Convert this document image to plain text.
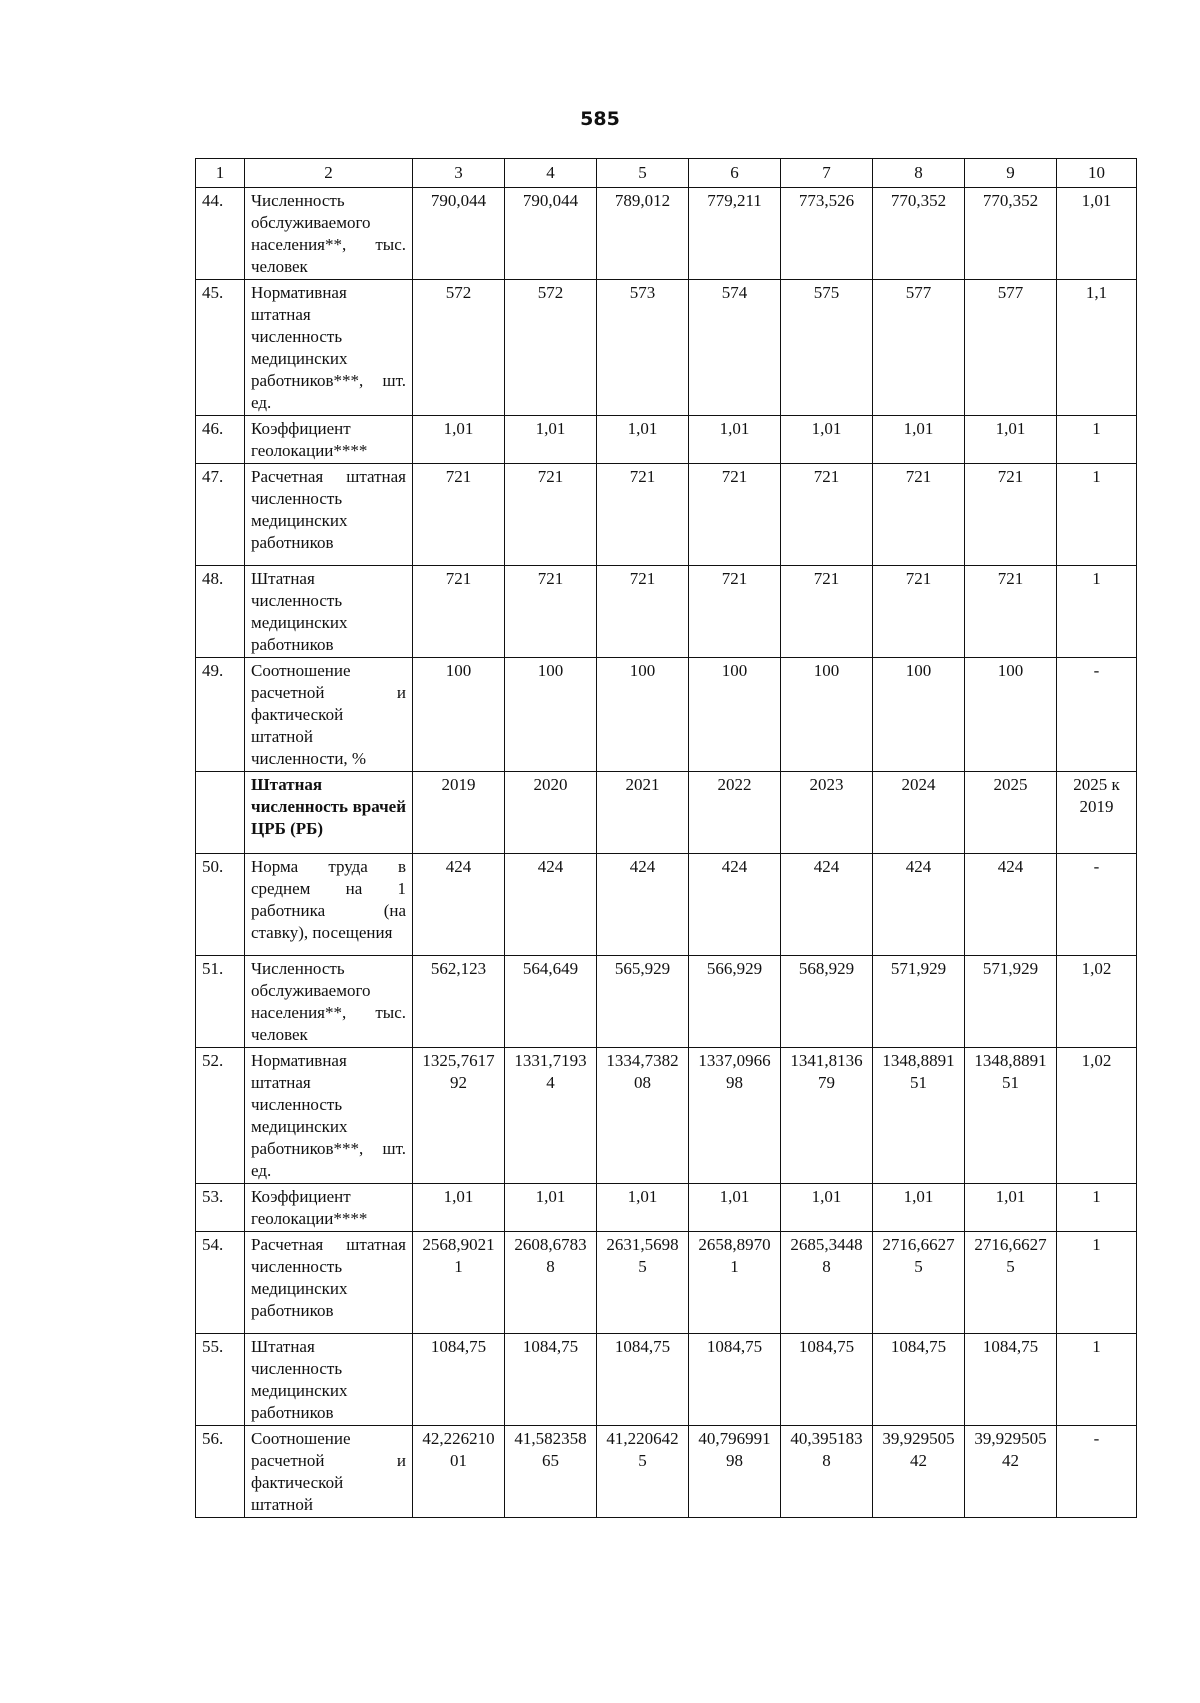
585
1	2	3	4	5	6	7	8	9	10
44.	Численность обслуживаемого населения**, тыс. человек	790,044	790,044	789,012	779,211	773,526	770,352	770,352	1,01
45.	Нормативная штатная численность медицинских работников***, шт. ед.	572	572	573	574	575	577	577	1,1
46.	Коэффициент геолокации****	1,01	1,01	1,01	1,01	1,01	1,01	1,01	1
47.	Расчетная штатная численность медицинских работников	721	721	721	721	721	721	721	1
48.	Штатная численность медицинских работников	721	721	721	721	721	721	721	1
49.	Соотношение расчетной и фактической штатной численности, %	100	100	100	100	100	100	100	-
	Штатная численность врачей ЦРБ (РБ)	2019	2020	2021	2022	2023	2024	2025	2025 к 2019
50.	Норма труда в среднем на 1 работника (на ставку), посещения	424	424	424	424	424	424	424	-
51.	Численность обслуживаемого населения**, тыс. человек	562,123	564,649	565,929	566,929	568,929	571,929	571,929	1,02
52.	Нормативная штатная численность медицинских работников***, шт. ед.	1325,761792	1331,71934	1334,738208	1337,096698	1341,813679	1348,889151	1348,889151	1,02
53.	Коэффициент геолокации****	1,01	1,01	1,01	1,01	1,01	1,01	1,01	1
54.	Расчетная штатная численность медицинских работников	2568,90211	2608,67838	2631,56985	2658,89701	2685,34488	2716,66275	2716,66275	1
55.	Штатная численность медицинских работников	1084,75	1084,75	1084,75	1084,75	1084,75	1084,75	1084,75	1
56.	Соотношение расчетной и фактической штатной	42,22621001	41,58235865	41,2206425	40,79699198	40,3951838	39,92950542	39,92950542	-
